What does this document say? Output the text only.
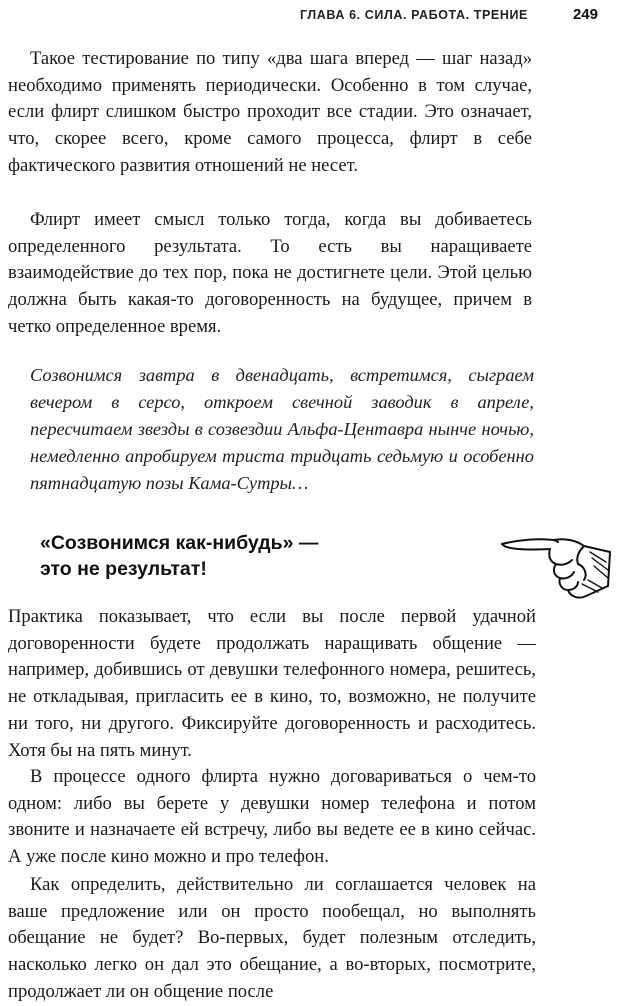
ГЛАВА 6. СИЛА. РАБОТА. ТРЕНИЕ	249

Такое тестирование по типу «два шага вперед — шаг назад» необходимо применять периодически. Особенно в том случае, если флирт слишком быстро проходит все стадии. Это означает, что, скорее всего, кроме самого процесса, флирт в себе фактического развития отношений не несет.

Флирт имеет смысл только тогда, когда вы добиваетесь определенного результата. То есть вы наращиваете взаимодействие до тех пор, пока не достигнете цели. Этой целью должна быть какая-то договоренность на будущее, причем в четко определенное время.

Созвонимся завтра в двенадцать, встретимся, сыграем вечером в серсо, откроем свечной заводик в апреле, пересчитаем звезды в созвездии Альфа-Центавра нынче ночью, немедленно апробируем триста тридцать седьмую и особенно пятнадцатую позы Кама-Сутры…

«Созвонимся как-нибудь» —
это не результат!

Практика показывает, что если вы после первой удачной договоренности будете продолжать наращивать общение — например, добившись от девушки телефонного номера, решитесь, не откладывая, пригласить ее в кино, то, возможно, не получите ни того, ни другого. Фиксируйте договоренность и расходитесь. Хотя бы на пять минут.

В процессе одного флирта нужно договариваться о чем-то одном: либо вы берете у девушки номер телефона и потом звоните и назначаете ей встречу, либо вы ведете ее в кино сейчас. А уже после кино можно и про телефон.

Как определить, действительно ли соглашается человек на ваше предложение или он просто пообещал, но выполнять обещание не будет? Во-первых, будет полезным отследить, насколько легко он дал это обещание, а во-вторых, посмотрите, продолжает ли он общение после
